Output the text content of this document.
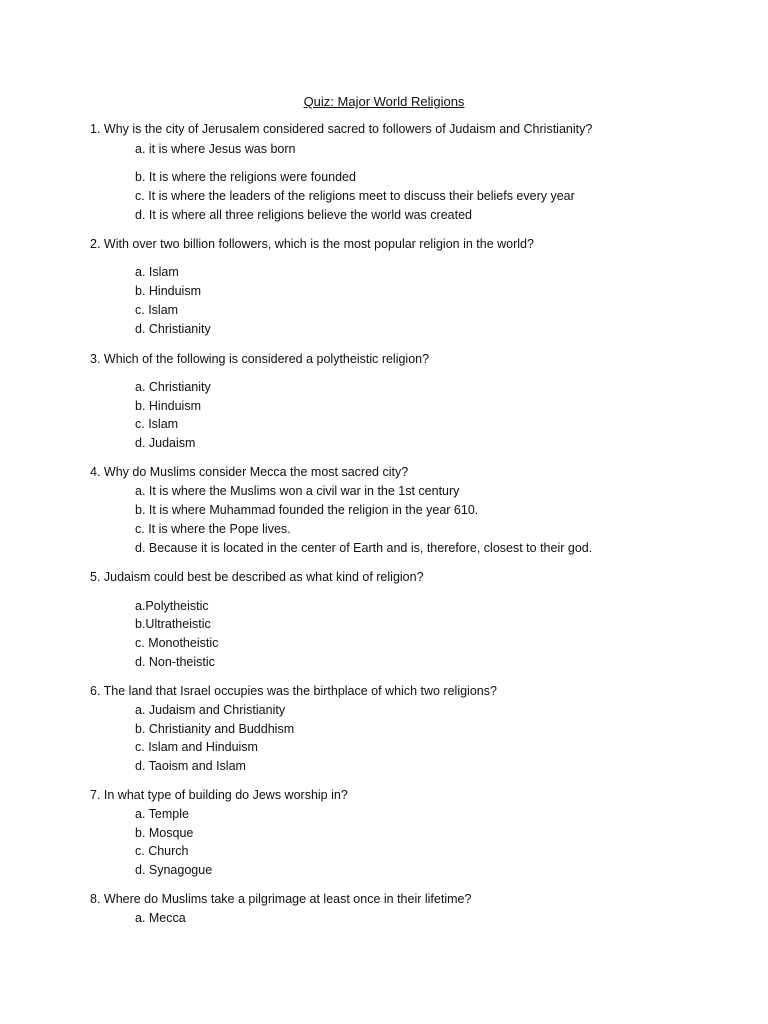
Quiz: Major World Religions
1. Why is the city of Jerusalem considered sacred to followers of Judaism and Christianity?
a. it is where Jesus was born
b. It is where the religions were founded
c. It is where the leaders of the religions meet to discuss their beliefs every year
d. It is where all three religions believe the world was created
2. With over two billion followers, which is the most popular religion in the world?
a. Islam
b. Hinduism
c. Islam
d. Christianity
3. Which of the following is considered a polytheistic religion?
a. Christianity
b. Hinduism
c. Islam
d. Judaism
4. Why do Muslims consider Mecca the most sacred city?
a. It is where the Muslims won a civil war in the 1st century
b. It is where Muhammad founded the religion in the year 610.
c. It is where the Pope lives.
d. Because it is located in the center of Earth and is, therefore, closest to their god.
5. Judaism could best be described as what kind of religion?
a.Polytheistic
b.Ultratheistic
c. Monotheistic
d. Non-theistic
6. The land that Israel occupies was the birthplace of which two religions?
a. Judaism and Christianity
b. Christianity and Buddhism
c. Islam and Hinduism
d. Taoism and Islam
7. In what type of building do Jews worship in?
a. Temple
b. Mosque
c. Church
d. Synagogue
8. Where do Muslims take a pilgrimage at least once in their lifetime?
a. Mecca
